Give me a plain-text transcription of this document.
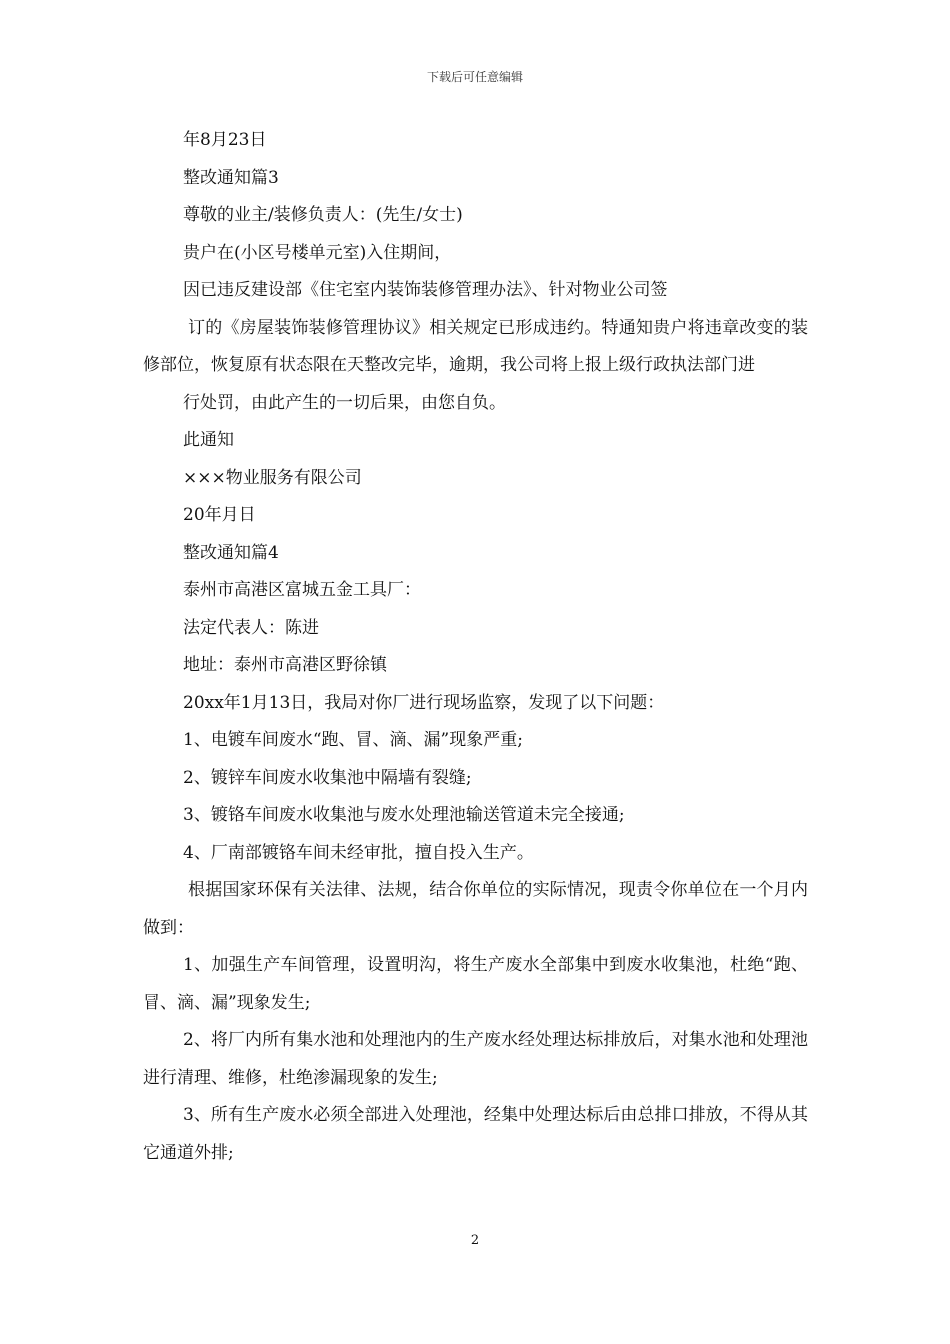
下载后可任意编辑

年8月23日

整改通知篇3

尊敬的业主/装修负责人：(先生/女士)

贵户在(小区号楼单元室)入住期间，

因已违反建设部《住宅室内装饰装修管理办法》、针对物业公司签

订的《房屋装饰装修管理协议》相关规定已形成违约。特通知贵户将违章改变的装修部位，恢复原有状态限在天整改完毕，逾期，我公司将上报上级行政执法部门进

行处罚，由此产生的一切后果，由您自负。

此通知

×××物业服务有限公司

20年月日

整改通知篇4

泰州市高港区富城五金工具厂：

法定代表人：陈进

地址：泰州市高港区野徐镇

20xx年1月13日，我局对你厂进行现场监察，发现了以下问题：

1、电镀车间废水“跑、冒、滴、漏”现象严重;

2、镀锌车间废水收集池中隔墙有裂缝;

3、镀铬车间废水收集池与废水处理池输送管道未完全接通;

4、厂南部镀铬车间未经审批，擅自投入生产。

根据国家环保有关法律、法规，结合你单位的实际情况，现责令你单位在一个月内做到：

1、加强生产车间管理，设置明沟，将生产废水全部集中到废水收集池，杜绝“跑、冒、滴、漏”现象发生;

2、将厂内所有集水池和处理池内的生产废水经处理达标排放后，对集水池和处理池进行清理、维修，杜绝渗漏现象的发生;

3、所有生产废水必须全部进入处理池，经集中处理达标后由总排口排放，不得从其它通道外排;

2
